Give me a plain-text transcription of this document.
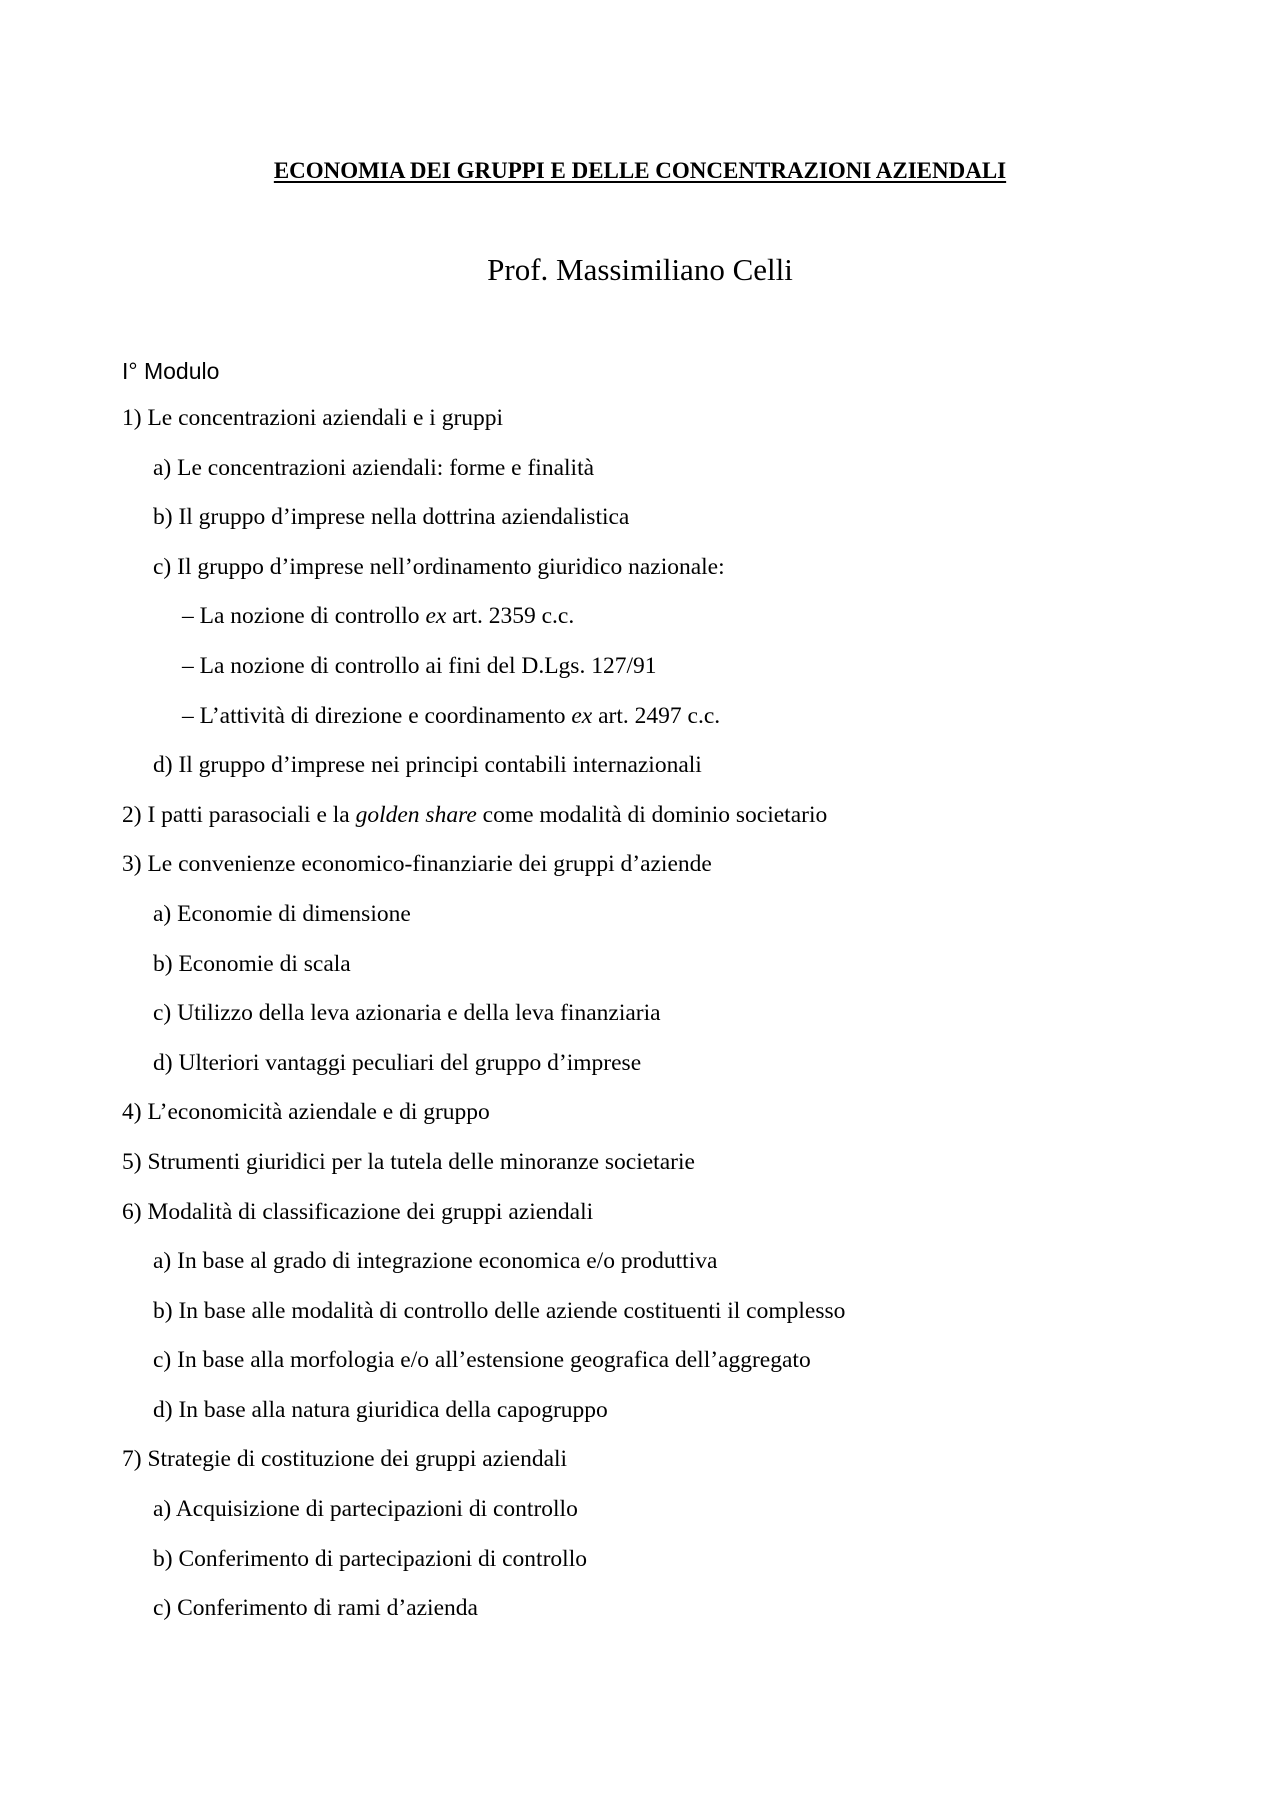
ECONOMIA DEI GRUPPI E DELLE CONCENTRAZIONI AZIENDALI
Prof. Massimiliano Celli
I° Modulo
1) Le concentrazioni aziendali e i gruppi
a) Le concentrazioni aziendali: forme e finalità
b) Il gruppo d’imprese nella dottrina aziendalistica
c) Il gruppo d’imprese nell’ordinamento giuridico nazionale:
– La nozione di controllo ex art. 2359 c.c.
– La nozione di controllo ai fini del D.Lgs. 127/91
– L’attività di direzione e coordinamento ex art. 2497 c.c.
d) Il gruppo d’imprese nei principi contabili internazionali
2) I patti parasociali e la golden share come modalità di dominio societario
3) Le convenienze economico-finanziarie dei gruppi d’aziende
a) Economie di dimensione
b) Economie di scala
c) Utilizzo della leva azionaria e della leva finanziaria
d) Ulteriori vantaggi peculiari del gruppo d’imprese
4) L’economicità aziendale e di gruppo
5) Strumenti giuridici per la tutela delle minoranze societarie
6) Modalità di classificazione dei gruppi aziendali
a) In base al grado di integrazione economica e/o produttiva
b) In base alle modalità di controllo delle aziende costituenti il complesso
c) In base alla morfologia e/o all’estensione geografica dell’aggregato
d) In base alla natura giuridica della capogruppo
7) Strategie di costituzione dei gruppi aziendali
a) Acquisizione di partecipazioni di controllo
b) Conferimento di partecipazioni di controllo
c) Conferimento di rami d’azienda
